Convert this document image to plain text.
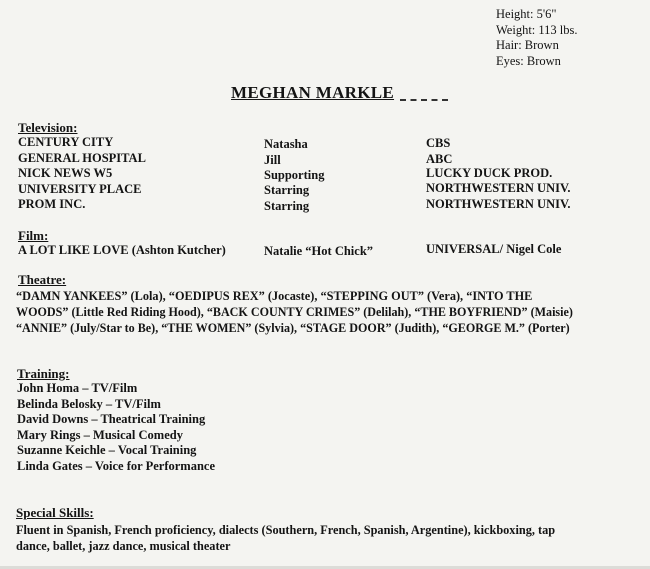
Height: 5'6"
Weight: 113 lbs.
Hair: Brown
Eyes: Brown
MEGHAN MARKLE
Television:
CENTURY CITY	Natasha	CBS
GENERAL HOSPITAL	Jill	ABC
NICK NEWS W5	Supporting	LUCKY DUCK PROD.
UNIVERSITY PLACE	Starring	NORTHWESTERN UNIV.
PROM INC.	Starring	NORTHWESTERN UNIV.
Film:
A LOT LIKE LOVE (Ashton Kutcher)	Natalie “Hot Chick”	UNIVERSAL/ Nigel Cole
Theatre:
“DAMN YANKEES” (Lola), “OEDIPUS REX” (Jocaste), “STEPPING OUT” (Vera), “INTO THE
WOODS” (Little Red Riding Hood), “BACK COUNTY CRIMES” (Delilah), “THE BOYFRIEND” (Maisie)
“ANNIE” (July/Star to Be), “THE WOMEN” (Sylvia), “STAGE DOOR” (Judith), “GEORGE M.” (Porter)
Training:
John Homa – TV/Film
Belinda Belosky – TV/Film
David Downs – Theatrical Training
Mary Rings – Musical Comedy
Suzanne Keichle – Vocal Training
Linda Gates – Voice for Performance
Special Skills:
Fluent in Spanish, French proficiency, dialects (Southern, French, Spanish, Argentine), kickboxing, tap
dance, ballet, jazz dance, musical theater
